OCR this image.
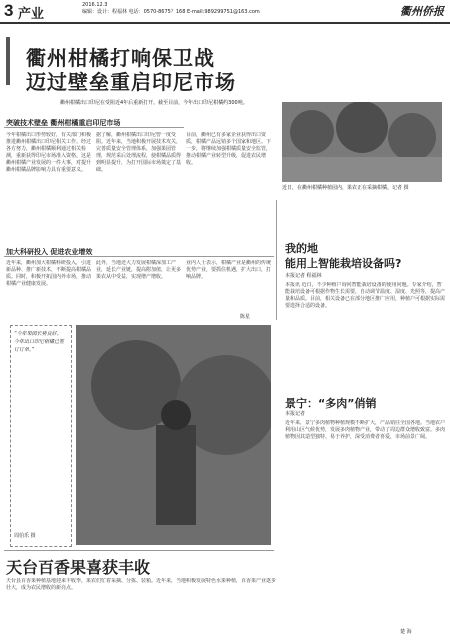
3 产业
2016.12.3
编辑：设计：程福林 电话：0570-8675？168 E-mail:989299751@163.com	衢州侨报
衢州柑橘打响保卫战
迈过壁垒重启印尼市场
衢州柑橘出口印尼在受阻近4年后重新打开。截至目前，今年出口印尼柑橘约300吨。
突破技术壁垒 衢州柑橘重启印尼市场
今年柑橘出口形势较好，有关部门积极推进衢州柑橘出口印尼相关工作。经过各方努力，衢州柑橘顺利通过相关检测，重新获得印尼市场准入资格。这是衢州柑橘产业发展的一件大事，对提升衢州柑橘品牌影响力具有重要意义。
据了解，衢州柑橘出口印尼曾一度受阻。近年来，当地积极开展技术攻关，完善质量安全管理体系，加强果园管理，规范采后处理流程，使柑橘品质得到明显提升，为打开国际市场奠定了基础。
目前，衢州已有多家企业获得出口资质，柑橘产品远销多个国家和地区。下一步，将继续加强柑橘质量安全监管，推动柑橘产业转型升级，促进农民增收。
近日，在衢州柑橘种植园内，果农正在采摘柑橘。记者 摄
加大科研投入 促进农业增效
近年来，衢州加大柑橘科研投入，引进新品种、推广新技术，不断提高柑橘品质。同时，积极开拓国内外市场，推动柑橘产业健康发展。
此外，当地还大力发展柑橘深加工产业，延长产业链，提高附加值，让更多果农从中受益，实现增产增收。
业内人士表示，柑橘产业是衢州的传统优势产业，要抓住机遇，扩大出口，打响品牌。
陈星
我的地
能用上智能栽培设备吗?
本报记者 程福林
本报讯 近日，不少种植户询问智能栽培设备的使用问题。专家介绍，智能栽培设备可根据作物生长需要，自动调节温度、湿度、光照等，提高产量和品质。目前，相关设备已在部分地区推广应用，种植户可根据实际需要选择合适的设备。
景宁：“多肉”俏销
本报记者
近年来，景宁多肉植物种植规模不断扩大，产品销往全国各地。当地农户利用山区气候优势，发展多肉植物产业，带动了周边群众增收致富。多肉植物因其造型独特、易于养护，深受消费者喜爱，市场前景广阔。
“今年果园长势良好。今年出口印尼柑橘已签订订单。”
周伯乐 摄
天台百香果喜获丰收
天台县百香果种植基地迎来丰收季，果农们忙着采摘、分拣、装箱。近年来，当地积极发展特色水果种植，百香果产业逐步壮大，成为农民增收的新亮点。
楚 海
